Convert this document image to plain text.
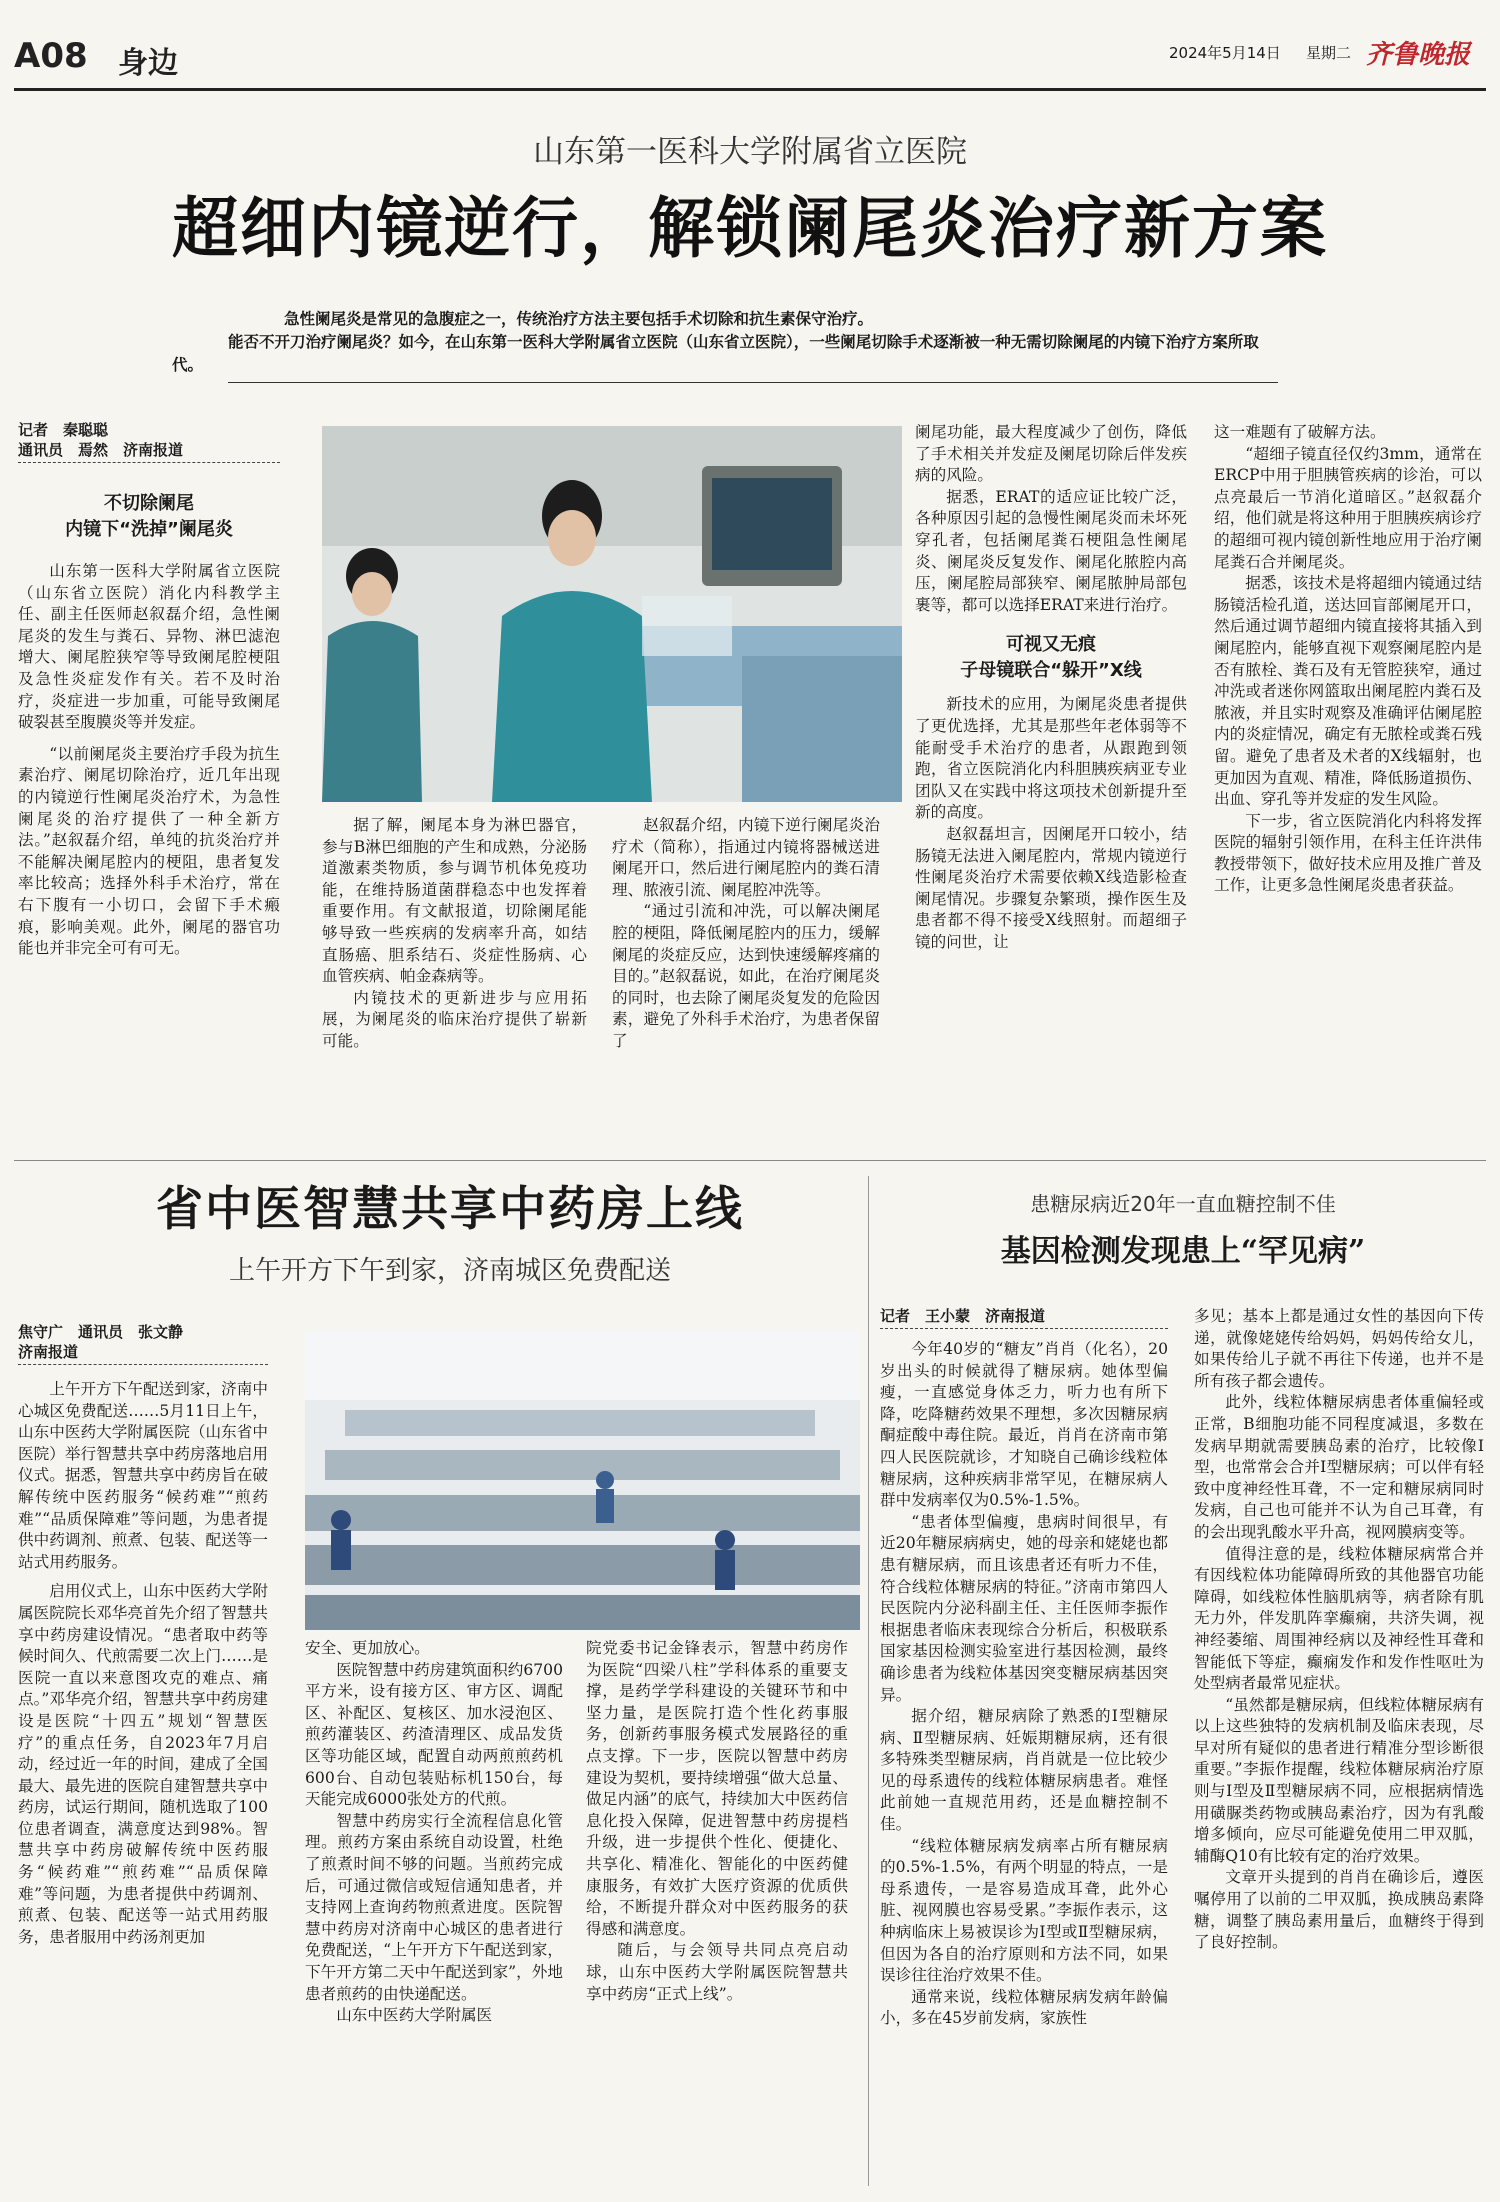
A08 身边	2024年5月14日 星期二 齐鲁晚报
山东第一医科大学附属省立医院
超细内镜逆行，解锁阑尾炎治疗新方案
急性阑尾炎是常见的急腹症之一，传统治疗方法主要包括手术切除和抗生素保守治疗。
能否不开刀治疗阑尾炎？如今，在山东第一医科大学附属省立医院（山东省立医院），一些阑尾切除手术逐渐被一种无需切除阑尾的内镜下治疗方案所取代。
记者　秦聪聪
通讯员　焉然　济南报道
不切除阑尾
内镜下“洗掉”阑尾炎

山东第一医科大学附属省立医院（山东省立医院）消化内科教学主任、副主任医师赵叙磊介绍，急性阑尾炎的发生与粪石、异物、淋巴滤泡增大、阑尾腔狭窄等导致阑尾腔梗阻及急性炎症发作有关。若不及时治疗，炎症进一步加重，可能导致阑尾破裂甚至腹膜炎等并发症。

“以前阑尾炎主要治疗手段为抗生素治疗、阑尾切除治疗，近几年出现的内镜逆行性阑尾炎治疗术，为急性阑尾炎的治疗提供了一种全新方法。”赵叙磊介绍，单纯的抗炎治疗并不能解决阑尾腔内的梗阻，患者复发率比较高；选择外科手术治疗，常在右下腹有一小切口，会留下手术瘢痕，影响美观。此外，阑尾的器官功能也并非完全可有可无。

据了解，阑尾本身为淋巴器官，参与B淋巴细胞的产生和成熟，分泌肠道激素类物质，参与调节机体免疫功能，在维持肠道菌群稳态中也发挥着重要作用。有文献报道，切除阑尾能够导致一些疾病的发病率升高，如结直肠癌、胆系结石、炎症性肠病、心血管疾病、帕金森病等。

内镜技术的更新进步与应用拓展，为阑尾炎的临床治疗提供了崭新可能。

赵叙磊介绍，内镜下逆行阑尾炎治疗术（简称），指通过内镜将器械送进阑尾开口，然后进行阑尾腔内的粪石清理、脓液引流、阑尾腔冲洗等。

“通过引流和冲洗，可以解决阑尾腔的梗阻，降低阑尾腔内的压力，缓解阑尾的炎症反应，达到快速缓解疼痛的目的。”赵叙磊说，如此，在治疗阑尾炎的同时，也去除了阑尾炎复发的危险因素，避免了外科手术治疗，为患者保留了

阑尾功能，最大程度减少了创伤，降低了手术相关并发症及阑尾切除后伴发疾病的风险。

据悉，ERAT的适应证比较广泛，各种原因引起的急慢性阑尾炎而未坏死穿孔者，包括阑尾粪石梗阻急性阑尾炎、阑尾炎反复发作、阑尾化脓腔内高压，阑尾腔局部狭窄、阑尾脓肿局部包裹等，都可以选择ERAT来进行治疗。

可视又无痕
子母镜联合“躲开”X线

新技术的应用，为阑尾炎患者提供了更优选择，尤其是那些年老体弱等不能耐受手术治疗的患者，从跟跑到领跑，省立医院消化内科胆胰疾病亚专业团队又在实践中将这项技术创新提升至新的高度。

赵叙磊坦言，因阑尾开口较小，结肠镜无法进入阑尾腔内，常规内镜逆行性阑尾炎治疗术需要依赖X线造影检查阑尾情况。步骤复杂繁琐，操作医生及患者都不得不接受X线照射。而超细子镜的问世，让

这一难题有了破解方法。

“超细子镜直径仅约3mm，通常在ERCP中用于胆胰管疾病的诊治，可以点亮最后一节消化道暗区。”赵叙磊介绍，他们就是将这种用于胆胰疾病诊疗的超细可视内镜创新性地应用于治疗阑尾粪石合并阑尾炎。

据悉，该技术是将超细内镜通过结肠镜活检孔道，送达回盲部阑尾开口，然后通过调节超细内镜直接将其插入到阑尾腔内，能够直视下观察阑尾腔内是否有脓栓、粪石及有无管腔狭窄，通过冲洗或者迷你网篮取出阑尾腔内粪石及脓液，并且实时观察及准确评估阑尾腔内的炎症情况，确定有无脓栓或粪石残留。避免了患者及术者的X线辐射，也更加因为直观、精准，降低肠道损伤、出血、穿孔等并发症的发生风险。

下一步，省立医院消化内科将发挥医院的辐射引领作用，在科主任许洪伟教授带领下，做好技术应用及推广普及工作，让更多急性阑尾炎患者获益。

省中医智慧共享中药房上线
上午开方下午到家，济南城区免费配送
焦守广　通讯员　张文静
济南报道

上午开方下午配送到家，济南中心城区免费配送……5月11日上午，山东中医药大学附属医院（山东省中医院）举行智慧共享中药房落地启用仪式。据悉，智慧共享中药房旨在破解传统中医药服务“候药难”“煎药难”“品质保障难”等问题，为患者提供中药调剂、煎煮、包装、配送等一站式用药服务。

启用仪式上，山东中医药大学附属医院院长邓华亮首先介绍了智慧共享中药房建设情况。“患者取中药等候时间久、代煎需要二次上门……是医院一直以来意图攻克的难点、痛点。”邓华亮介绍，智慧共享中药房建设是医院“十四五”规划“智慧医疗”的重点任务，自2023年7月启动，经过近一年的时间，建成了全国最大、最先进的医院自建智慧共享中药房，试运行期间，随机选取了100位患者调查，满意度达到98%。智慧共享中药房破解传统中医药服务“候药难”“煎药难”“品质保障难”等问题，为患者提供中药调剂、煎煮、包装、配送等一站式用药服务，患者服用中药汤剂更加

安全、更加放心。

医院智慧中药房建筑面积约6700平方米，设有接方区、审方区、调配区、补配区、复核区、加水浸泡区、煎药灌装区、药渣清理区、成品发货区等功能区域，配置自动两煎煎药机600台、自动包装贴标机150台，每天能完成6000张处方的代煎。

智慧中药房实行全流程信息化管理。煎药方案由系统自动设置，杜绝了煎煮时间不够的问题。当煎药完成后，可通过微信或短信通知患者，并支持网上查询药物煎煮进度。医院智慧中药房对济南中心城区的患者进行免费配送，“上午开方下午配送到家，下午开方第二天中午配送到家”，外地患者煎药的由快递配送。

山东中医药大学附属医

院党委书记金锋表示，智慧中药房作为医院“四梁八柱”学科体系的重要支撑，是药学学科建设的关键环节和中坚力量，是医院打造个性化药事服务，创新药事服务模式发展路径的重点支撑。下一步，医院以智慧中药房建设为契机，要持续增强“做大总量、做足内涵”的底气，持续加大中医药信息化投入保障，促进智慧中药房提档升级，进一步提供个性化、便捷化、共享化、精准化、智能化的中医药健康服务，有效扩大医疗资源的优质供给，不断提升群众对中医药服务的获得感和满意度。

随后，与会领导共同点亮启动球，山东中医药大学附属医院智慧共享中药房“正式上线”。

患糖尿病近20年一直血糖控制不佳
基因检测发现患上“罕见病”
记者　王小蒙　济南报道

今年40岁的“糖友”肖肖（化名），20岁出头的时候就得了糖尿病。她体型偏瘦，一直感觉身体乏力，听力也有所下降，吃降糖药效果不理想，多次因糖尿病酮症酸中毒住院。最近，肖肖在济南市第四人民医院就诊，才知晓自己确诊线粒体糖尿病，这种疾病非常罕见，在糖尿病人群中发病率仅为0.5%-1.5%。

“患者体型偏瘦，患病时间很早，有近20年糖尿病病史，她的母亲和姥姥也都患有糖尿病，而且该患者还有听力不佳，符合线粒体糖尿病的特征。”济南市第四人民医院内分泌科副主任、主任医师李振作根据患者临床表现综合分析后，积极联系国家基因检测实验室进行基因检测，最终确诊患者为线粒体基因突变糖尿病基因突异。

据介绍，糖尿病除了熟悉的Ⅰ型糖尿病、Ⅱ型糖尿病、妊娠期糖尿病，还有很多特殊类型糖尿病，肖肖就是一位比较少见的母系遗传的线粒体糖尿病患者。难怪此前她一直规范用药，还是血糖控制不佳。

“线粒体糖尿病发病率占所有糖尿病的0.5%-1.5%，有两个明显的特点，一是母系遗传，一是容易造成耳聋，此外心脏、视网膜也容易受累。”李振作表示，这种病临床上易被误诊为Ⅰ型或Ⅱ型糖尿病，但因为各自的治疗原则和方法不同，如果误诊往往治疗效果不佳。

通常来说，线粒体糖尿病发病年龄偏小，多在45岁前发病，家族性

多见；基本上都是通过女性的基因向下传递，就像姥姥传给妈妈，妈妈传给女儿，如果传给儿子就不再往下传递，也并不是所有孩子都会遗传。

此外，线粒体糖尿病患者体重偏轻或正常，B细胞功能不同程度减退，多数在发病早期就需要胰岛素的治疗，比较像Ⅰ型，也常常会合并Ⅰ型糖尿病；可以伴有轻致中度神经性耳聋，不一定和糖尿病同时发病，自己也可能并不认为自己耳聋，有的会出现乳酸水平升高，视网膜病变等。

值得注意的是，线粒体糖尿病常合并有因线粒体功能障碍所致的其他器官功能障碍，如线粒体性脑肌病等，病者除有肌无力外，伴发肌阵挛癫痫，共济失调，视神经萎缩、周围神经病以及神经性耳聋和智能低下等症，癫痫发作和发作性呕吐为处型病者最常见症状。

“虽然都是糖尿病，但线粒体糖尿病有以上这些独特的发病机制及临床表现，尽早对所有疑似的患者进行精准分型诊断很重要。”李振作提醒，线粒体糖尿病治疗原则与Ⅰ型及Ⅱ型糖尿病不同，应根据病情选用磺脲类药物或胰岛素治疗，因为有乳酸增多倾向，应尽可能避免使用二甲双胍，辅酶Q10有比较有定的治疗效果。

文章开头提到的肖肖在确诊后，遵医嘱停用了以前的二甲双胍，换成胰岛素降糖，调整了胰岛素用量后，血糖终于得到了良好控制。
